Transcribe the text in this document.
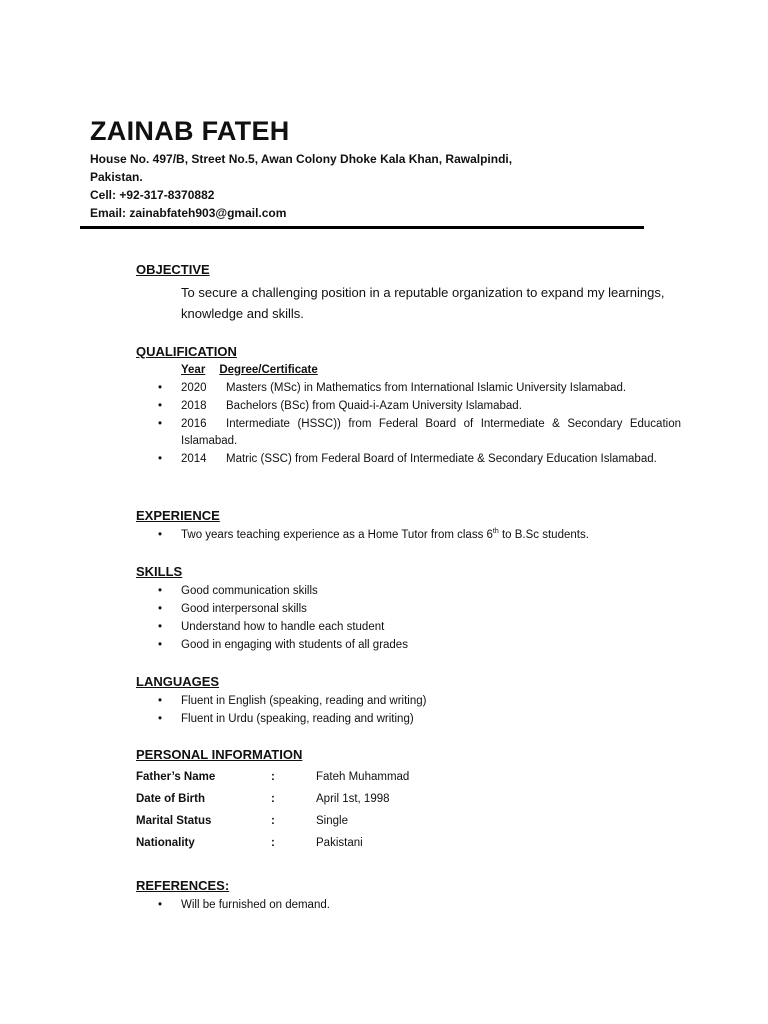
ZAINAB FATEH
House No. 497/B, Street No.5, Awan Colony Dhoke Kala Khan, Rawalpindi,
Pakistan.
Cell: +92-317-8370882
Email: zainabfateh903@gmail.com
OBJECTIVE
To secure a challenging position in a reputable organization to expand my learnings, knowledge and skills.
QUALIFICATION
Year Degree/Certificate
• 2020 Masters (MSc) in Mathematics from International Islamic University Islamabad.
• 2018 Bachelors (BSc) from Quaid-i-Azam University Islamabad.
• 2016 Intermediate (HSSC)) from Federal Board of Intermediate & Secondary Education Islamabad.
• 2014 Matric (SSC) from Federal Board of Intermediate & Secondary Education Islamabad.
EXPERIENCE
• Two years teaching experience as a Home Tutor from class 6th to B.Sc students.
SKILLS
• Good communication skills
• Good interpersonal skills
• Understand how to handle each student
• Good in engaging with students of all grades
LANGUAGES
• Fluent in English (speaking, reading and writing)
• Fluent in Urdu (speaking, reading and writing)
PERSONAL INFORMATION
Father’s Name	:	Fateh Muhammad
Date of Birth	:	April 1st, 1998
Marital Status	:	Single
Nationality	:	Pakistani
REFERENCES:
• Will be furnished on demand.
